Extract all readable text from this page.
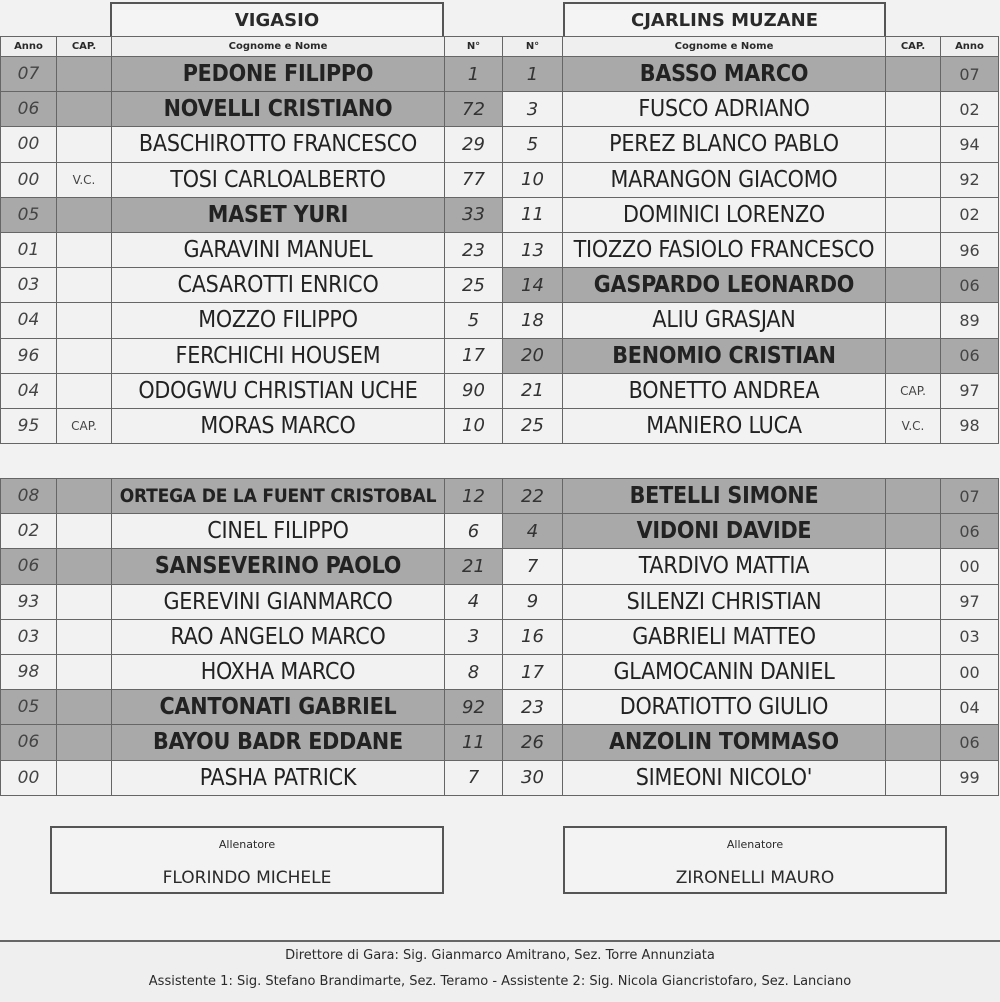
VIGASIO	CJARLINS MUZANE
Anno	CAP.	Cognome e Nome	N°	N°	Cognome e Nome	CAP.	Anno
07		PEDONE FILIPPO	1	1	BASSO MARCO		07
06		NOVELLI CRISTIANO	72	3	FUSCO ADRIANO		02
00		BASCHIROTTO FRANCESCO	29	5	PEREZ BLANCO PABLO		94
00	V.C.	TOSI CARLOALBERTO	77	10	MARANGON GIACOMO		92
05		MASET YURI	33	11	DOMINICI LORENZO		02
01		GARAVINI MANUEL	23	13	TIOZZO FASIOLO FRANCESCO		96
03		CASAROTTI ENRICO	25	14	GASPARDO LEONARDO		06
04		MOZZO FILIPPO	5	18	ALIU GRASJAN		89
96		FERCHICHI HOUSEM	17	20	BENOMIO CRISTIAN		06
04		ODOGWU CHRISTIAN UCHE	90	21	BONETTO ANDREA	CAP.	97
95	CAP.	MORAS MARCO	10	25	MANIERO LUCA	V.C.	98
08		ORTEGA DE LA FUENT CRISTOBAL	12	22	BETELLI SIMONE		07
02		CINEL FILIPPO	6	4	VIDONI DAVIDE		06
06		SANSEVERINO PAOLO	21	7	TARDIVO MATTIA		00
93		GEREVINI GIANMARCO	4	9	SILENZI CHRISTIAN		97
03		RAO ANGELO MARCO	3	16	GABRIELI MATTEO		03
98		HOXHA MARCO	8	17	GLAMOCANIN DANIEL		00
05		CANTONATI GABRIEL	92	23	DORATIOTTO GIULIO		04
06		BAYOU BADR EDDANE	11	26	ANZOLIN TOMMASO		06
00		PASHA PATRICK	7	30	SIMEONI NICOLO'		99
Allenatore
FLORINDO MICHELE
Allenatore
ZIRONELLI MAURO
Direttore di Gara: Sig. Gianmarco Amitrano, Sez. Torre Annunziata
Assistente 1: Sig. Stefano Brandimarte, Sez. Teramo - Assistente 2: Sig. Nicola Giancristofaro, Sez. Lanciano
